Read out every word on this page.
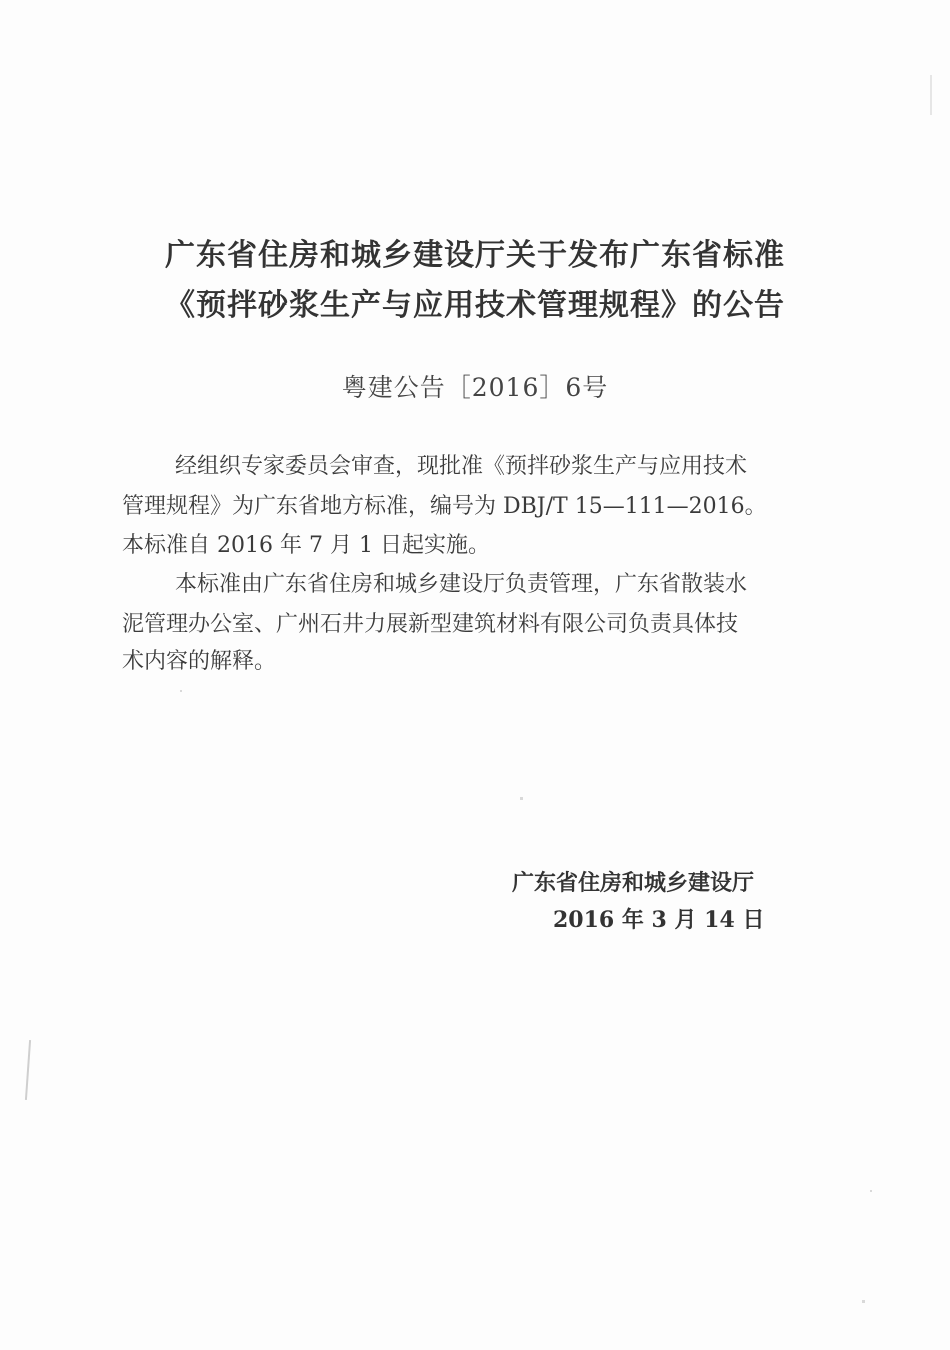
广东省住房和城乡建设厅关于发布广东省标准
《预拌砂浆生产与应用技术管理规程》的公告
粤建公告［2016］6号
经组织专家委员会审查，现批准《预拌砂浆生产与应用技术
管理规程》为广东省地方标准，编号为 DBJ/T 15—111—2016。
本标准自 2016 年 7 月 1 日起实施。
本标准由广东省住房和城乡建设厅负责管理，广东省散装水
泥管理办公室、广州石井力展新型建筑材料有限公司负责具体技
术内容的解释。
广东省住房和城乡建设厅
2016 年 3 月 14 日
